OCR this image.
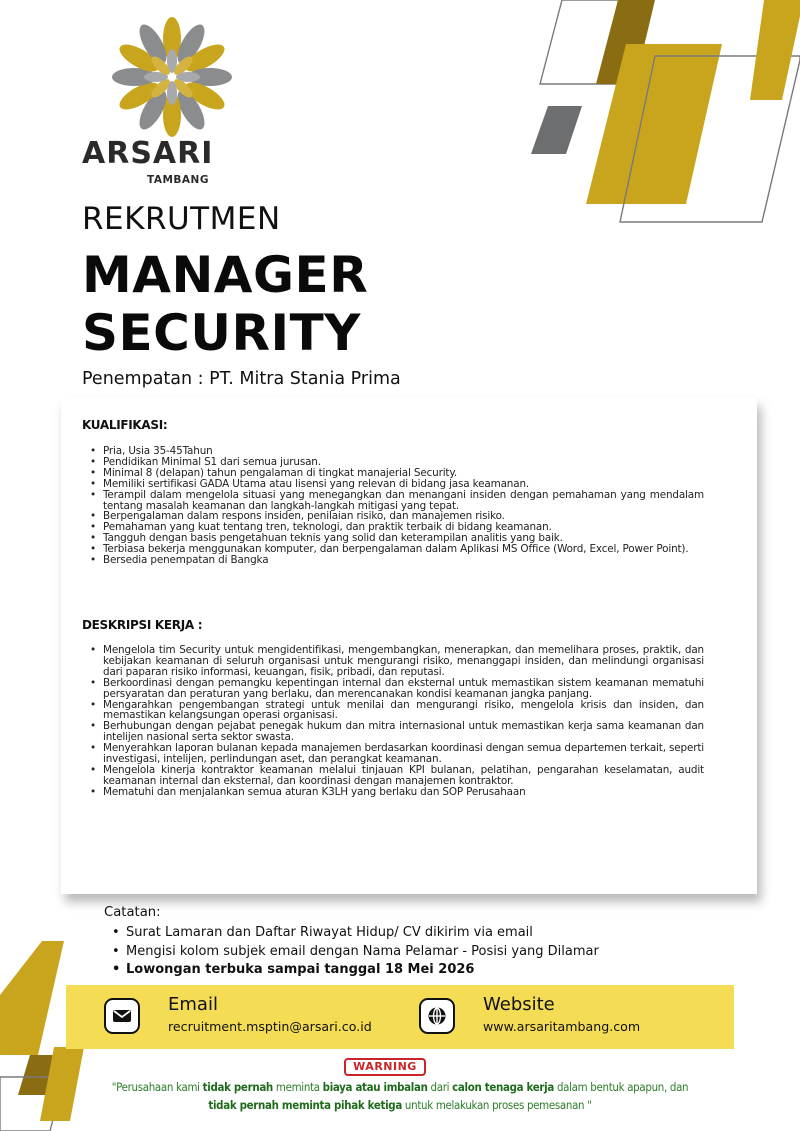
ARSARI
TAMBANG
REKRUTMEN
MANAGER
SECURITY
Penempatan : PT. Mitra Stania Prima
KUALIFIKASI:
• Pria, Usia 35-45Tahun
• Pendidikan Minimal S1 dari semua jurusan.
• Minimal 8 (delapan) tahun pengalaman di tingkat manajerial Security.
• Memiliki sertifikasi GADA Utama atau lisensi yang relevan di bidang jasa keamanan.
• Terampil dalam mengelola situasi yang menegangkan dan menangani insiden dengan pemahaman yang mendalam tentang masalah keamanan dan langkah-langkah mitigasi yang tepat.
• Berpengalaman dalam respons insiden, penilaian risiko, dan manajemen risiko.
• Pemahaman yang kuat tentang tren, teknologi, dan praktik terbaik di bidang keamanan.
• Tangguh dengan basis pengetahuan teknis yang solid dan keterampilan analitis yang baik.
• Terbiasa bekerja menggunakan komputer, dan berpengalaman dalam Aplikasi MS Office (Word, Excel, Power Point).
• Bersedia penempatan di Bangka
DESKRIPSI KERJA :
• Mengelola tim Security untuk mengidentifikasi, mengembangkan, menerapkan, dan memelihara proses, praktik, dan kebijakan keamanan di seluruh organisasi untuk mengurangi risiko, menanggapi insiden, dan melindungi organisasi dari paparan risiko informasi, keuangan, fisik, pribadi, dan reputasi.
• Berkoordinasi dengan pemangku kepentingan internal dan eksternal untuk memastikan sistem keamanan mematuhi persyaratan dan peraturan yang berlaku, dan merencanakan kondisi keamanan jangka panjang.
• Mengarahkan pengembangan strategi untuk menilai dan mengurangi risiko, mengelola krisis dan insiden, dan memastikan kelangsungan operasi organisasi.
• Berhubungan dengan pejabat penegak hukum dan mitra internasional untuk memastikan kerja sama keamanan dan intelijen nasional serta sektor swasta.
• Menyerahkan laporan bulanan kepada manajemen berdasarkan koordinasi dengan semua departemen terkait, seperti investigasi, intelijen, perlindungan aset, dan perangkat keamanan.
• Mengelola kinerja kontraktor keamanan melalui tinjauan KPI bulanan, pelatihan, pengarahan keselamatan, audit keamanan internal dan eksternal, dan koordinasi dengan manajemen kontraktor.
• Mematuhi dan menjalankan semua aturan K3LH yang berlaku dan SOP Perusahaan
Catatan:
• Surat Lamaran dan Daftar Riwayat Hidup/ CV dikirim via email
• Mengisi kolom subjek email dengan Nama Pelamar - Posisi yang Dilamar
• Lowongan terbuka sampai tanggal 18 Mei 2026
Email
recruitment.msptin@arsari.co.id
Website
www.arsaritambang.com
WARNING
"Perusahaan kami tidak pernah meminta biaya atau imbalan dari calon tenaga kerja dalam bentuk apapun, dan
tidak pernah meminta pihak ketiga untuk melakukan proses pemesanan "
